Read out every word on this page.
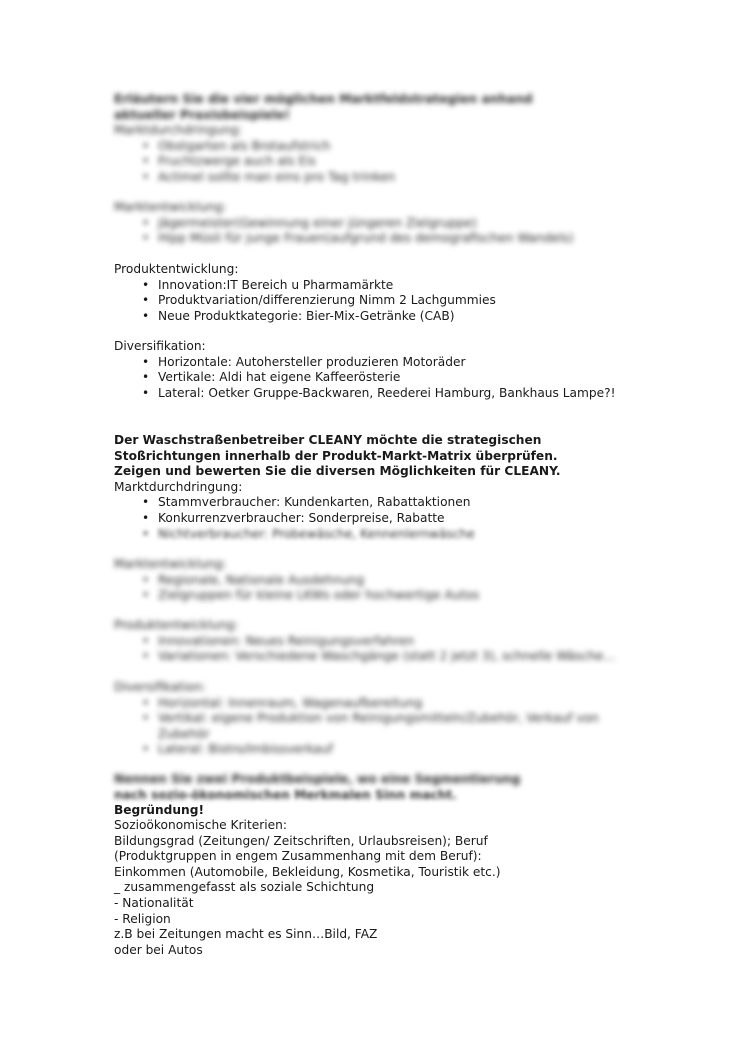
Erläutern Sie die vier möglichen Marktfeldstrategien anhand
aktueller Praxisbeispiele!
Marktdurchdringung:
• Obstgarten als Brotaufstrich
• Fruchtzwerge auch als Eis
• Actimel sollte man eins pro Tag trinken
Marktentwicklung:
• Jägermeister(Gewinnung einer jüngeren Zielgruppe)
• Hipp Müsli für junge Frauen(aufgrund des demografischen Wandels)
Produktentwicklung:
• Innovation:IT Bereich u Pharmamärkte
• Produktvariation/differenzierung Nimm 2 Lachgummies
• Neue Produktkategorie: Bier-Mix-Getränke (CAB)
Diversifikation:
• Horizontale: Autohersteller produzieren Motoräder
• Vertikale: Aldi hat eigene Kaffeerösterie
• Lateral: Oetker Gruppe-Backwaren, Reederei Hamburg, Bankhaus Lampe?!
Der Waschstraßenbetreiber CLEANY möchte die strategischen
Stoßrichtungen innerhalb der Produkt-Markt-Matrix überprüfen.
Zeigen und bewerten Sie die diversen Möglichkeiten für CLEANY.
Marktdurchdringung:
• Stammverbraucher: Kundenkarten, Rabattaktionen
• Konkurrenzverbraucher: Sonderpreise, Rabatte
• Nichtverbraucher: Probewäsche, Kennenlernwäsche
Marktentwicklung:
• Regionale, Nationale Ausdehnung
• Zielgruppen für kleine LKWs oder hochwertige Autos
Produktentwicklung:
• Innovationen: Neues Reinigungsverfahren
• Variationen: Verschiedene Waschgänge (statt 2 jetzt 3), schnelle Wäsche…
Diversifikation:
• Horizontal: Innenraum, Wagenaufbereitung
• Vertikal: eigene Produktion von Reinigungsmitteln/Zubehör, Verkauf von Zubehör
• Lateral: Bistro/Imbissverkauf
Nennen Sie zwei Produktbeispiele, wo eine Segmentierung
nach sozio-ökonomischen Merkmalen Sinn macht.
Begründung!
Sozioökonomische Kriterien:
Bildungsgrad (Zeitungen/ Zeitschriften, Urlaubsreisen); Beruf
(Produktgruppen in engem Zusammenhang mit dem Beruf):
Einkommen (Automobile, Bekleidung, Kosmetika, Touristik etc.)
_ zusammengefasst als soziale Schichtung
- Nationalität
- Religion
z.B bei Zeitungen macht es Sinn…Bild, FAZ
oder bei Autos
